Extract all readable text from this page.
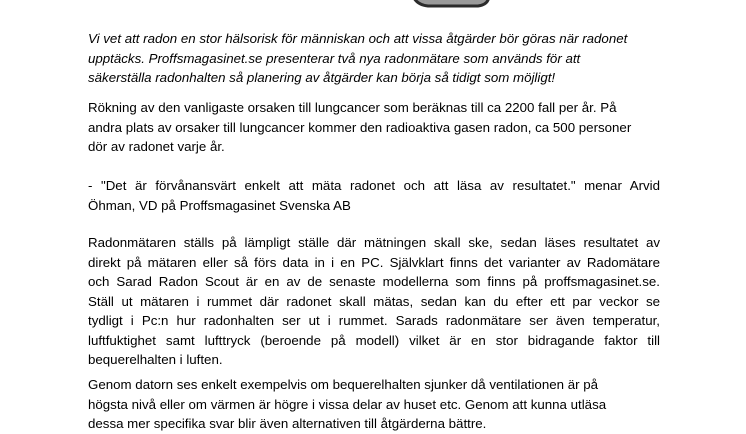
Vi vet att radon en stor hälsorisk för människan och att vissa åtgärder bör göras när radonet
upptäcks. Proffsmagasinet.se presenterar två nya radonmätare som används för att
säkerställa radonhalten så planering av åtgärder kan börja så tidigt som möjligt!
Rökning av den vanligaste orsaken till lungcancer som beräknas till ca 2200 fall per år. På
andra plats av orsaker till lungcancer kommer den radioaktiva gasen radon, ca 500 personer
dör av radonet varje år.
- "Det är förvånansvärt enkelt att mäta radonet och att läsa av resultatet." menar Arvid
Öhman, VD på Proffsmagasinet Svenska AB
Radonmätaren ställs på lämpligt ställe där mätningen skall ske, sedan läses resultatet av
direkt på mätaren eller så förs data in i en PC. Självklart finns det varianter av Radomätare
och Sarad Radon Scout är en av de senaste modellerna som finns på proffsmagasinet.se.
Ställ ut mätaren i rummet där radonet skall mätas, sedan kan du efter ett par veckor se
tydligt i Pc:n hur radonhalten ser ut i rummet. Sarads radonmätare ser även temperatur,
luftfuktighet samt lufttryck (beroende på modell) vilket är en stor bidragande faktor till
bequerelhalten i luften.
Genom datorn ses enkelt exempelvis om bequerelhalten sjunker då ventilationen är på
högsta nivå eller om värmen är högre i vissa delar av huset etc. Genom att kunna utläsa
dessa mer specifika svar blir även alternativen till åtgärderna bättre.
